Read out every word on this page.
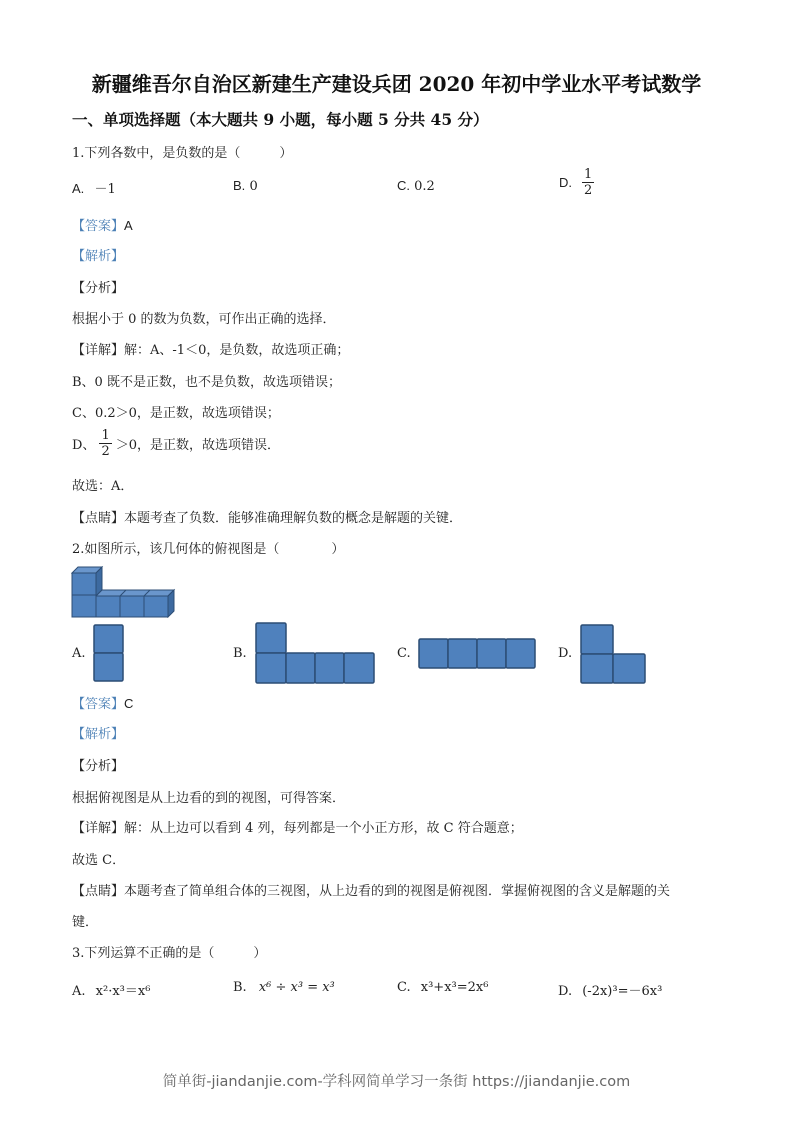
新疆维吾尔自治区新建生产建设兵团 2020 年初中学业水平考试数学
一、单项选择题（本大题共 9 小题，每小题 5 分共 45 分）
1.下列各数中，是负数的是（　　　）
A. －1	B. 0	C. 0.2	D. $\frac{1}{2}$
【答案】A
【解析】
【分析】
根据小于 0 的数为负数，可作出正确的选择．
【详解】解：A、-1＜0，是负数，故选项正确；
B、0 既不是正数，也不是负数，故选项错误；
C、0.2＞0，是正数，故选项错误；
D、 $\frac{1}{2} >0$，是正数，故选项错误．
故选：A．
【点睛】本题考查了负数．能够准确理解负数的概念是解题的关键．
2.如图所示，该几何体的俯视图是（　　　　）
A.	B.	C.	D.
【答案】C
【解析】
【分析】
根据俯视图是从上边看的到的视图，可得答案．
【详解】解：从上边可以看到 4 列，每列都是一个小正方形，故 C 符合题意；
故选 C．
【点睛】本题考查了简单组合体的三视图，从上边看的到的视图是俯视图．掌握俯视图的含义是解题的关
键．
3.下列运算不正确的是（　　　）
A. x²·x³＝x⁶	B. x⁶ ÷ x³ = x³	C. x³+x³=2x⁶	D. (-2x)³=－6x³
简单街-jiandanjie.com-学科网简单学习一条街 https://jiandanjie.com
